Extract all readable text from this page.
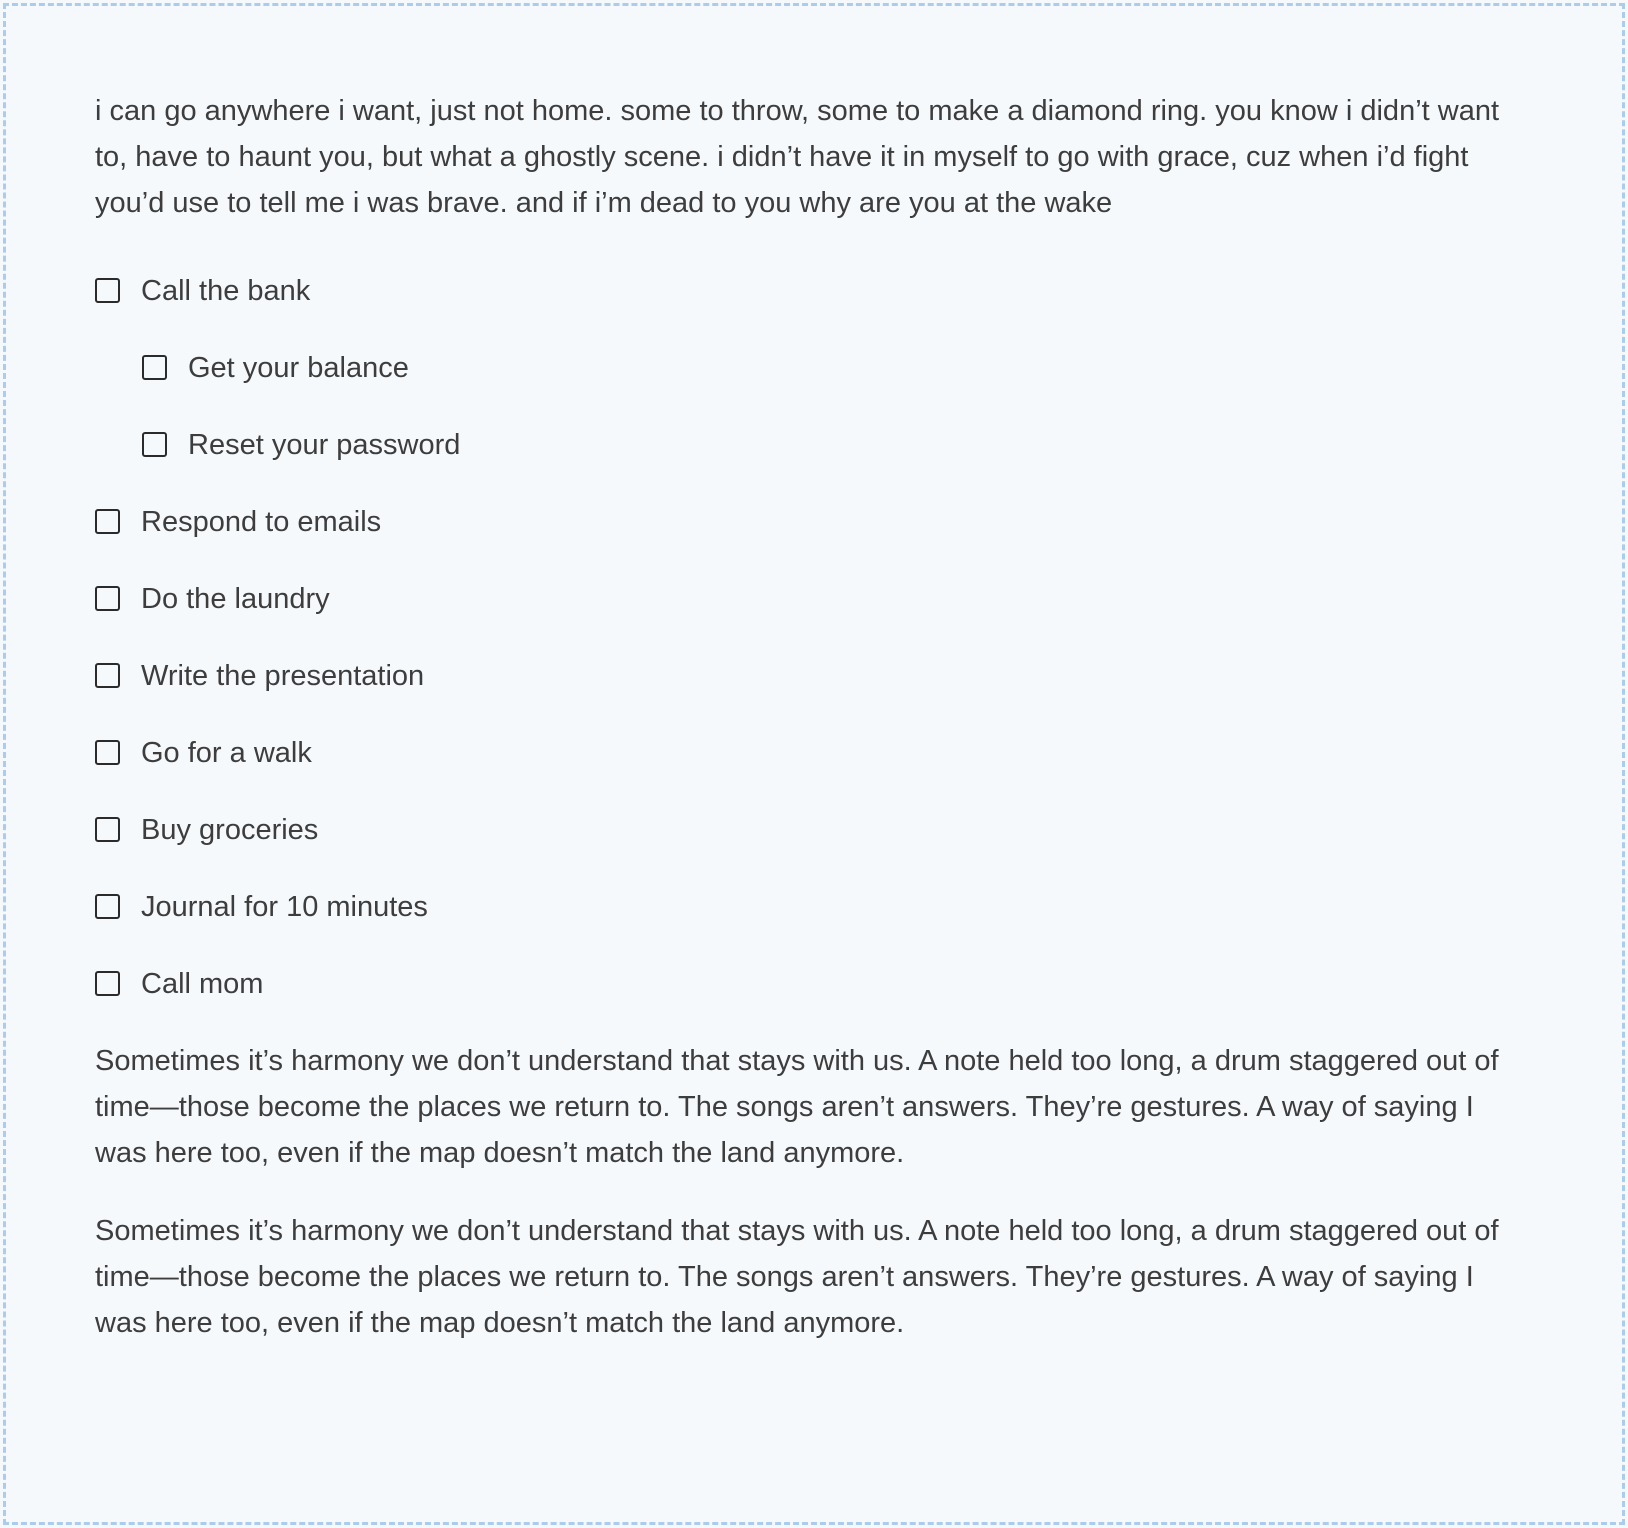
i can go anywhere i want, just not home. some to throw, some to make a diamond ring. you know i didn’t want to, have to haunt you, but what a ghostly scene. i didn’t have it in myself to go with grace, cuz when i’d fight you’d use to tell me i was brave. and if i’m dead to you why are you at the wake

Call the bank
Get your balance
Reset your password
Respond to emails
Do the laundry
Write the presentation
Go for a walk
Buy groceries
Journal for 10 minutes
Call mom

Sometimes it’s harmony we don’t understand that stays with us. A note held too long, a drum staggered out of time—those become the places we return to. The songs aren’t answers. They’re gestures. A way of saying I was here too, even if the map doesn’t match the land anymore.

Sometimes it’s harmony we don’t understand that stays with us. A note held too long, a drum staggered out of time—those become the places we return to. The songs aren’t answers. They’re gestures. A way of saying I was here too, even if the map doesn’t match the land anymore.
